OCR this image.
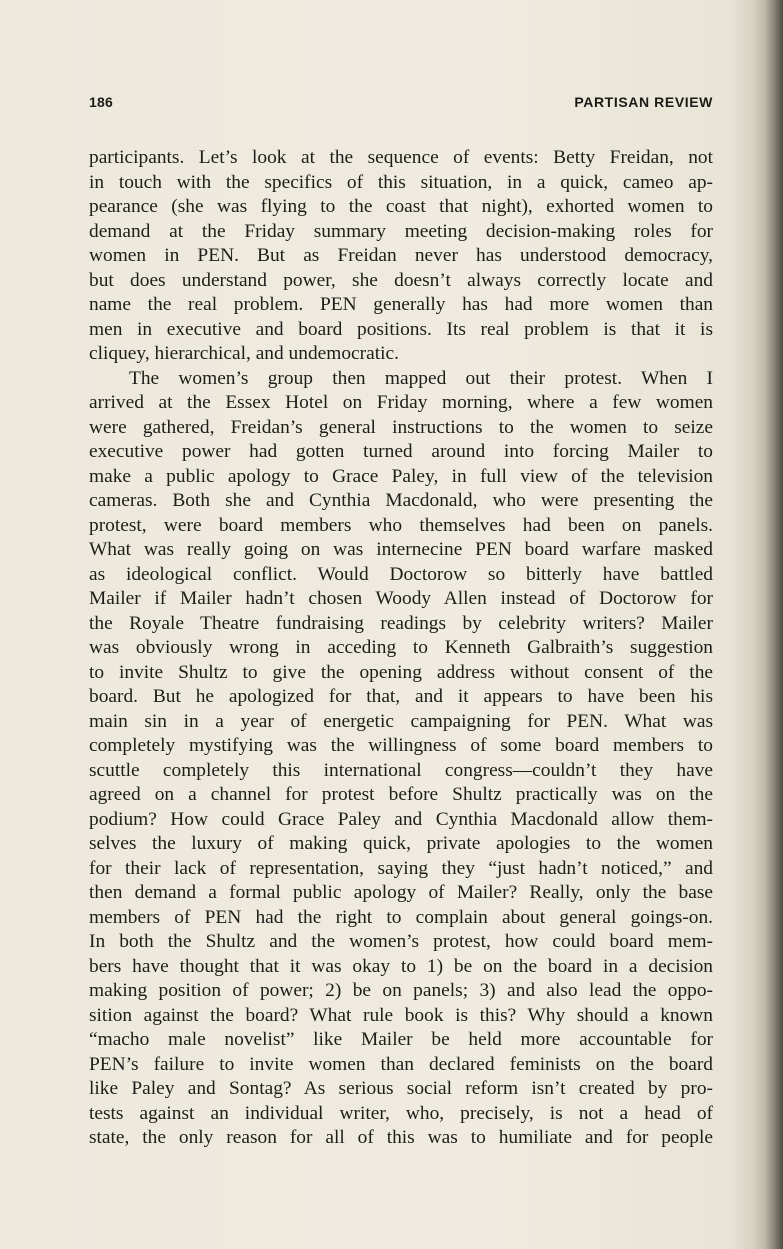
186	PARTISAN REVIEW
participants. Let’s look at the sequence of events: Betty Freidan, not
in touch with the specifics of this situation, in a quick, cameo ap-
pearance (she was flying to the coast that night), exhorted women to
demand at the Friday summary meeting decision-making roles for
women in PEN. But as Freidan never has understood democracy,
but does understand power, she doesn’t always correctly locate and
name the real problem. PEN generally has had more women than
men in executive and board positions. Its real problem is that it is
cliquey, hierarchical, and undemocratic.
The women’s group then mapped out their protest. When I
arrived at the Essex Hotel on Friday morning, where a few women
were gathered, Freidan’s general instructions to the women to seize
executive power had gotten turned around into forcing Mailer to
make a public apology to Grace Paley, in full view of the television
cameras. Both she and Cynthia Macdonald, who were presenting the
protest, were board members who themselves had been on panels.
What was really going on was internecine PEN board warfare masked
as ideological conflict. Would Doctorow so bitterly have battled
Mailer if Mailer hadn’t chosen Woody Allen instead of Doctorow for
the Royale Theatre fundraising readings by celebrity writers? Mailer
was obviously wrong in acceding to Kenneth Galbraith’s suggestion
to invite Shultz to give the opening address without consent of the
board. But he apologized for that, and it appears to have been his
main sin in a year of energetic campaigning for PEN. What was
completely mystifying was the willingness of some board members to
scuttle completely this international congress—couldn’t they have
agreed on a channel for protest before Shultz practically was on the
podium? How could Grace Paley and Cynthia Macdonald allow them-
selves the luxury of making quick, private apologies to the women
for their lack of representation, saying they “just hadn’t noticed,” and
then demand a formal public apology of Mailer? Really, only the base
members of PEN had the right to complain about general goings-on.
In both the Shultz and the women’s protest, how could board mem-
bers have thought that it was okay to 1) be on the board in a decision
making position of power; 2) be on panels; 3) and also lead the oppo-
sition against the board? What rule book is this? Why should a known
“macho male novelist” like Mailer be held more accountable for
PEN’s failure to invite women than declared feminists on the board
like Paley and Sontag? As serious social reform isn’t created by pro-
tests against an individual writer, who, precisely, is not a head of
state, the only reason for all of this was to humiliate and for people
